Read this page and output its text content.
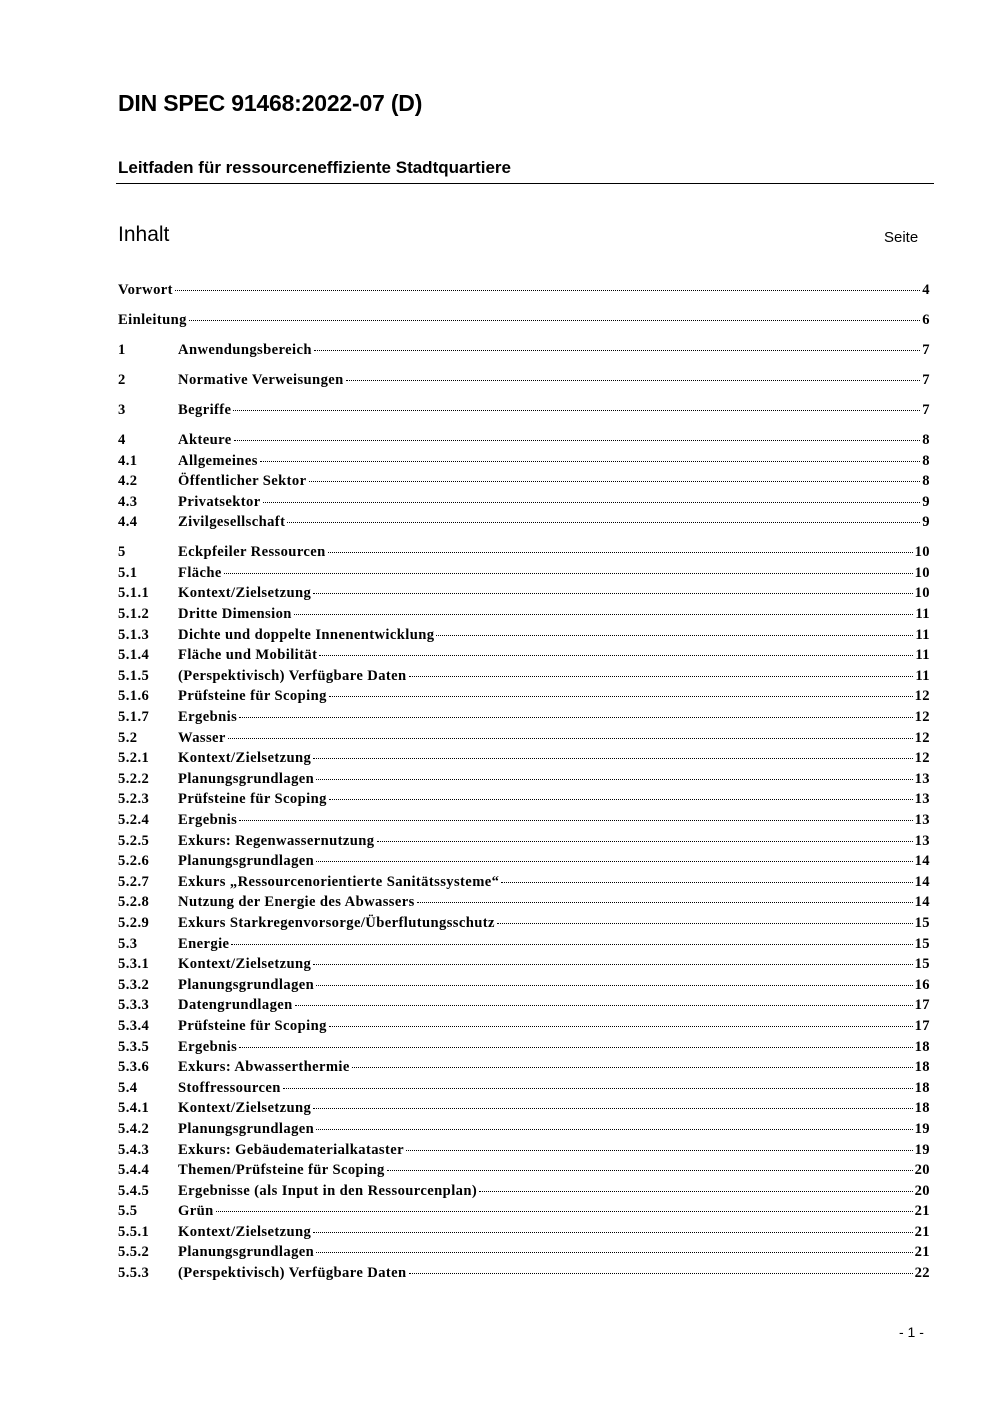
DIN SPEC 91468:2022-07 (D)
Leitfaden für ressourceneffiziente Stadtquartiere
Inhalt	Seite
Vorwort	4
Einleitung	6
1	Anwendungsbereich	7
2	Normative Verweisungen	7
3	Begriffe	7
4	Akteure	8
4.1	Allgemeines	8
4.2	Öffentlicher Sektor	8
4.3	Privatsektor	9
4.4	Zivilgesellschaft	9
5	Eckpfeiler Ressourcen	10
5.1	Fläche	10
5.1.1	Kontext/Zielsetzung	10
5.1.2	Dritte Dimension	11
5.1.3	Dichte und doppelte Innenentwicklung	11
5.1.4	Fläche und Mobilität	11
5.1.5	(Perspektivisch) Verfügbare Daten	11
5.1.6	Prüfsteine für Scoping	12
5.1.7	Ergebnis	12
5.2	Wasser	12
5.2.1	Kontext/Zielsetzung	12
5.2.2	Planungsgrundlagen	13
5.2.3	Prüfsteine für Scoping	13
5.2.4	Ergebnis	13
5.2.5	Exkurs: Regenwassernutzung	13
5.2.6	Planungsgrundlagen	14
5.2.7	Exkurs „Ressourcenorientierte Sanitätssysteme“	14
5.2.8	Nutzung der Energie des Abwassers	14
5.2.9	Exkurs Starkregenvorsorge/Überflutungsschutz	15
5.3	Energie	15
5.3.1	Kontext/Zielsetzung	15
5.3.2	Planungsgrundlagen	16
5.3.3	Datengrundlagen	17
5.3.4	Prüfsteine für Scoping	17
5.3.5	Ergebnis	18
5.3.6	Exkurs: Abwasserthermie	18
5.4	Stoffressourcen	18
5.4.1	Kontext/Zielsetzung	18
5.4.2	Planungsgrundlagen	19
5.4.3	Exkurs: Gebäudematerialkataster	19
5.4.4	Themen/Prüfsteine für Scoping	20
5.4.5	Ergebnisse (als Input in den Ressourcenplan)	20
5.5	Grün	21
5.5.1	Kontext/Zielsetzung	21
5.5.2	Planungsgrundlagen	21
5.5.3	(Perspektivisch) Verfügbare Daten	22
- 1 -
